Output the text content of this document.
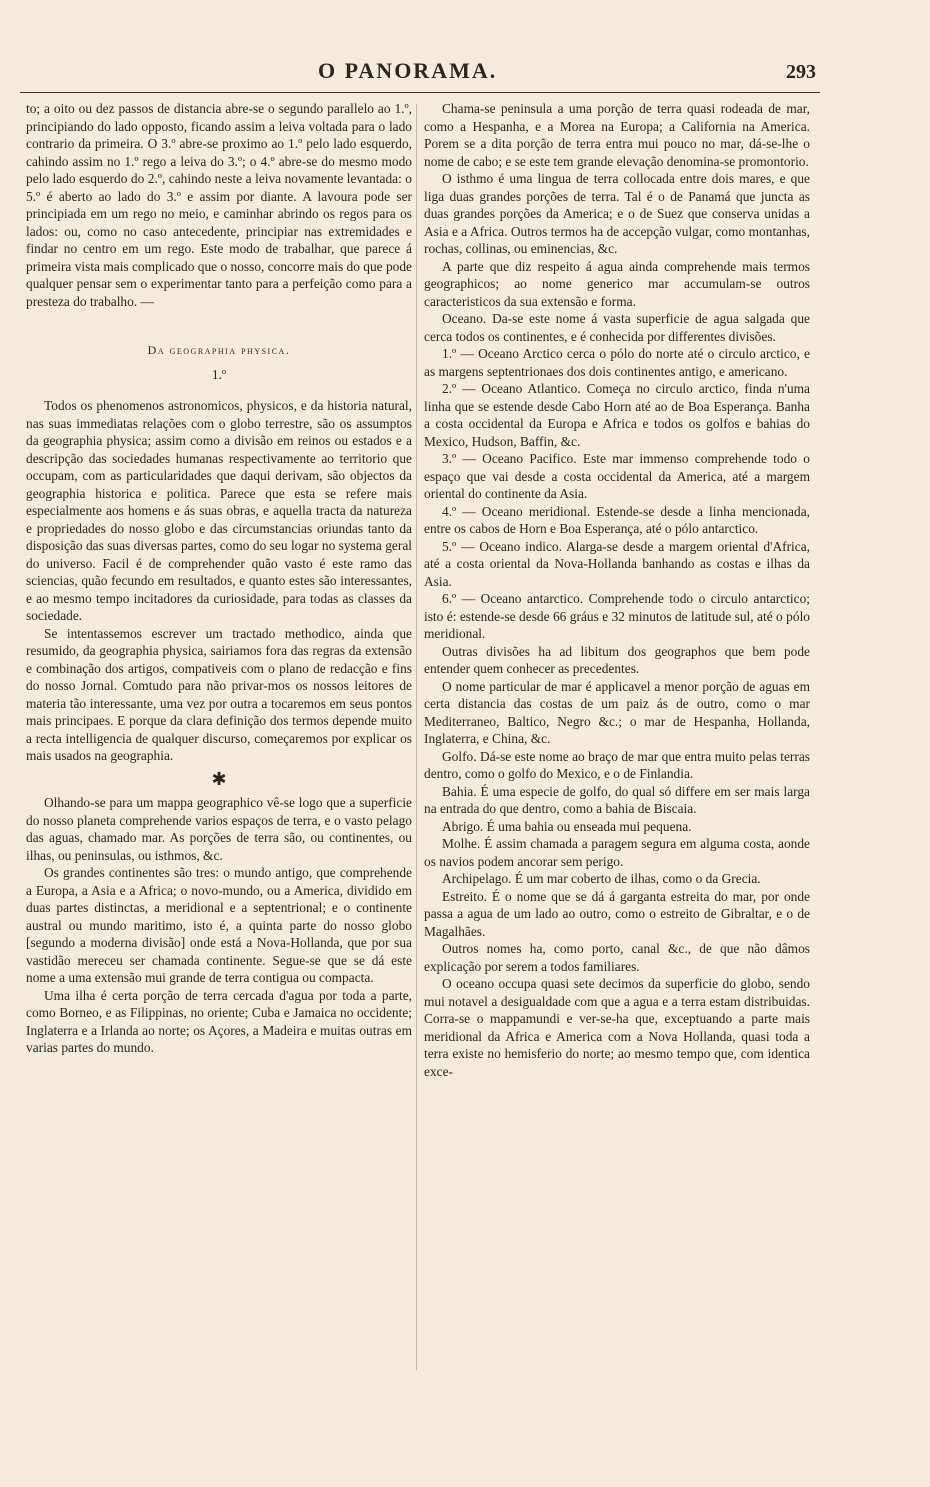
O PANORAMA.	293

to; a oito ou dez passos de distancia abre-se o segundo parallelo ao 1.º, principiando do lado opposto, ficando assim a leiva voltada para o lado contrario da primeira. O 3.º abre-se proximo ao 1.º pelo lado esquerdo, cahindo assim no 1.º rego a leiva do 3.º; o 4.º abre-se do mesmo modo pelo lado esquerdo do 2.º, cahindo neste a leiva novamente levantada: o 5.º é aberto ao lado do 3.º e assim por diante. A lavoura pode ser principiada em um rego no meio, e caminhar abrindo os regos para os lados: ou, como no caso antecedente, principiar nas extremidades e findar no centro em um rego. Este modo de trabalhar, que parece á primeira vista mais complicado que o nosso, concorre mais do que pode qualquer pensar sem o experimentar tanto para a perfeição como para a presteza do trabalho. —

Da geographia physica.
1.º

Todos os phenomenos astronomicos, physicos, e da historia natural, nas suas immediatas relações com o globo terrestre, são os assumptos da geographia physica; assim como a divisão em reinos ou estados e a descripção das sociedades humanas respectivamente ao territorio que occupam, com as particularidades que daqui derivam, são objectos da geographia historica e politica. Parece que esta se refere mais especialmente aos homens e ás suas obras, e aquella tracta da natureza e propriedades do nosso globo e das circumstancias oriundas tanto da disposição das suas diversas partes, como do seu logar no systema geral do universo. Facil é de comprehender quão vasto é este ramo das sciencias, quão fecundo em resultados, e quanto estes são interessantes, e ao mesmo tempo incitadores da curiosidade, para todas as classes da sociedade.

Se intentassemos escrever um tractado methodico, ainda que resumido, da geographia physica, sairiamos fora das regras da extensão e combinação dos artigos, compativeis com o plano de redacção e fins do nosso Jornal. Comtudo para não privar-mos os nossos leitores de materia tão interessante, uma vez por outra a tocaremos em seus pontos mais principaes. E porque da clara definição dos termos depende muito a recta intelligencia de qualquer discurso, começaremos por explicar os mais usados na geographia.

✱

Olhando-se para um mappa geographico vê-se logo que a superficie do nosso planeta comprehende varios espaços de terra, e o vasto pelago das aguas, chamado mar. As porções de terra são, ou continentes, ou ilhas, ou peninsulas, ou isthmos, &c.

Os grandes continentes são tres: o mundo antigo, que comprehende a Europa, a Asia e a Africa; o novo-mundo, ou a America, dividido em duas partes distinctas, a meridional e a septentrional; e o continente austral ou mundo maritimo, isto é, a quinta parte do nosso globo [segundo a moderna divisão] onde está a Nova-Hollanda, que por sua vastidão mereceu ser chamada continente. Segue-se que se dá este nome a uma extensão mui grande de terra contigua ou compacta.

Uma ilha é certa porção de terra cercada d'agua por toda a parte, como Borneo, e as Filippinas, no oriente; Cuba e Jamaica no occidente; Inglaterra e a Irlanda ao norte; os Açores, a Madeira e muitas outras em varias partes do mundo.

Chama-se peninsula a uma porção de terra quasi rodeada de mar, como a Hespanha, e a Morea na Europa; a California na America. Porem se a dita porção de terra entra mui pouco no mar, dá-se-lhe o nome de cabo; e se este tem grande elevação denomina-se promontorio.

O isthmo é uma lingua de terra collocada entre dois mares, e que liga duas grandes porções de terra. Tal é o de Panamá que juncta as duas grandes porções da America; e o de Suez que conserva unidas a Asia e a Africa. Outros termos ha de accepção vulgar, como montanhas, rochas, collinas, ou eminencias, &c.

A parte que diz respeito á agua ainda comprehende mais termos geographicos; ao nome generico mar accumulam-se outros caracteristicos da sua extensão e forma.

Oceano. Da-se este nome á vasta superficie de agua salgada que cerca todos os continentes, e é conhecida por differentes divisões.

1.º — Oceano Arctico cerca o pólo do norte até o circulo arctico, e as margens septentrionaes dos dois continentes antigo, e americano.

2.º — Oceano Atlantico. Começa no circulo arctico, finda n'uma linha que se estende desde Cabo Horn até ao de Boa Esperança. Banha a costa occidental da Europa e Africa e todos os golfos e bahias do Mexico, Hudson, Baffin, &c.

3.º — Oceano Pacifico. Este mar immenso comprehende todo o espaço que vai desde a costa occidental da America, até a margem oriental do continente da Asia.

4.º — Oceano meridional. Estende-se desde a linha mencionada, entre os cabos de Horn e Boa Esperança, até o pólo antarctico.

5.º — Oceano indico. Alarga-se desde a margem oriental d'Africa, até a costa oriental da Nova-Hollanda banhando as costas e ilhas da Asia.

6.º — Oceano antarctico. Comprehende todo o circulo antarctico; isto é: estende-se desde 66 gráus e 32 minutos de latitude sul, até o pólo meridional.

Outras divisões ha ad libitum dos geographos que bem pode entender quem conhecer as precedentes.

O nome particular de mar é applicavel a menor porção de aguas em certa distancia das costas de um paiz ás de outro, como o mar Mediterraneo, Baltico, Negro &c.; o mar de Hespanha, Hollanda, Inglaterra, e China, &c.

Golfo. Dá-se este nome ao braço de mar que entra muito pelas terras dentro, como o golfo do Mexico, e o de Finlandia.

Bahia. É uma especie de golfo, do qual só differe em ser mais larga na entrada do que dentro, como a bahia de Biscaia.

Abrigo. É uma bahia ou enseada mui pequena.

Molhe. É assim chamada a paragem segura em alguma costa, aonde os navios podem ancorar sem perigo.

Archipelago. É um mar coberto de ilhas, como o da Grecia.

Estreito. É o nome que se dá á garganta estreita do mar, por onde passa a agua de um lado ao outro, como o estreito de Gibraltar, e o de Magalhães.

Outros nomes ha, como porto, canal &c., de que não dâmos explicação por serem a todos familiares.

O oceano occupa quasi sete decimos da superficie do globo, sendo mui notavel a desigualdade com que a agua e a terra estam distribuidas. Corra-se o mappamundi e ver-se-ha que, exceptuando a parte mais meridional da Africa e America com a Nova Hollanda, quasi toda a terra existe no hemisferio do norte; ao mesmo tempo que, com identica exce-
